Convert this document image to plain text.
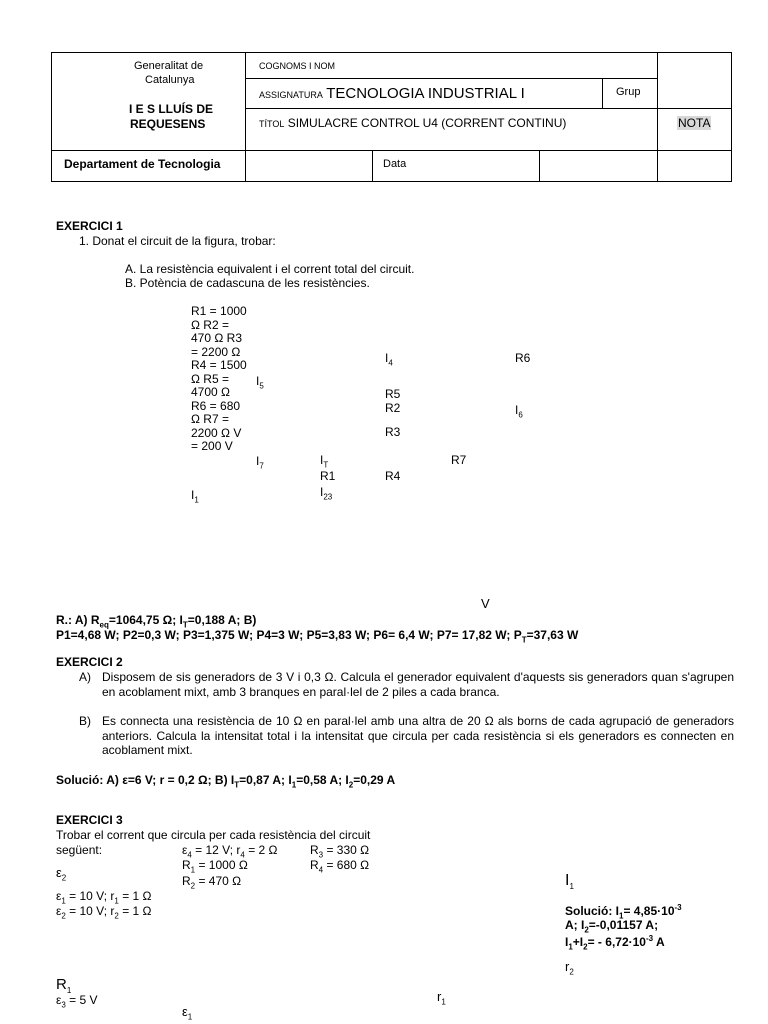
Generalitat de
Catalunya
I E S LLUÍS DE
REQUESENS
Departament de Tecnologia
COGNOMS I NOM
ASSIGNATURA TECNOLOGIA INDUSTRIAL I	Grup
TÍTOL SIMULACRE CONTROL U4 (CORRENT CONTINU)	NOTA
Data
EXERCICI 1
1. Donat el circuit de la figura, trobar:
A. La resistència equivalent i el corrent total del circuit.
B. Potència de cadascuna de les resistències.
R1 = 1000
Ω R2 =
470 Ω R3
= 2200 Ω
R4 = 1500
Ω R5 =
4700 Ω
R6 = 680
Ω R7 =
2200 Ω V
= 200 V
$I_4$	R6
$I_5$
R5
R2	$I_6$
R3
$I_7$	$I_T$	R7
R1	R4
$I_{23}$
$I_1$
V
R.: A) $R_{eq}=1064,75$ Ω; $I_T=0,188$ A; B)
P1=4,68 W; P2=0,3 W; P3=1,375 W; P4=3 W; P5=3,83 W; P6= 6,4 W; P7= 17,82 W; $P_T=37,63$ W
EXERCICI 2
A) Disposem de sis generadors de 3 V i 0,3 Ω. Calcula el generador equivalent d'aquests sis generadors quan s'agrupen en acoblament mixt, amb 3 branques en paral·lel de 2 piles a cada branca.
B) Es connecta una resistència de 10 Ω en paral·lel amb una altra de 20 Ω als borns de cada agrupació de generadors anteriors. Calcula la intensitat total i la intensitat que circula per cada resistència si els generadors es connecten en acoblament mixt.
Solució: A) ε=6 V; r = 0,2 Ω; B) $I_T=0,87$ A; $I_1=0,58$ A; $I_2=0,29$ A
EXERCICI 3
Trobar el corrent que circula per cada resistència del circuit
següent:	$\varepsilon_4 = 12$ V; $r_4 = 2$ Ω	$R_3 = 330$ Ω
$R_1 = 1000$ Ω	$R_4 = 680$ Ω
$R_2 = 470$ Ω
$\varepsilon_2$
$\varepsilon_1 = 10$ V; $r_1 = 1$ Ω
$\varepsilon_2 = 10$ V; $r_2 = 1$ Ω
$I_1$
Solució: $I_1= 4,85\cdot 10^{-3}$
A; $I_2=-0,01157$ A;
$I_1+I_2= - 6,72\cdot 10^{-3}$ A
$r_2$
$R_1$
$\varepsilon_3 = 5$ V	$r_1$
$\varepsilon_1$
